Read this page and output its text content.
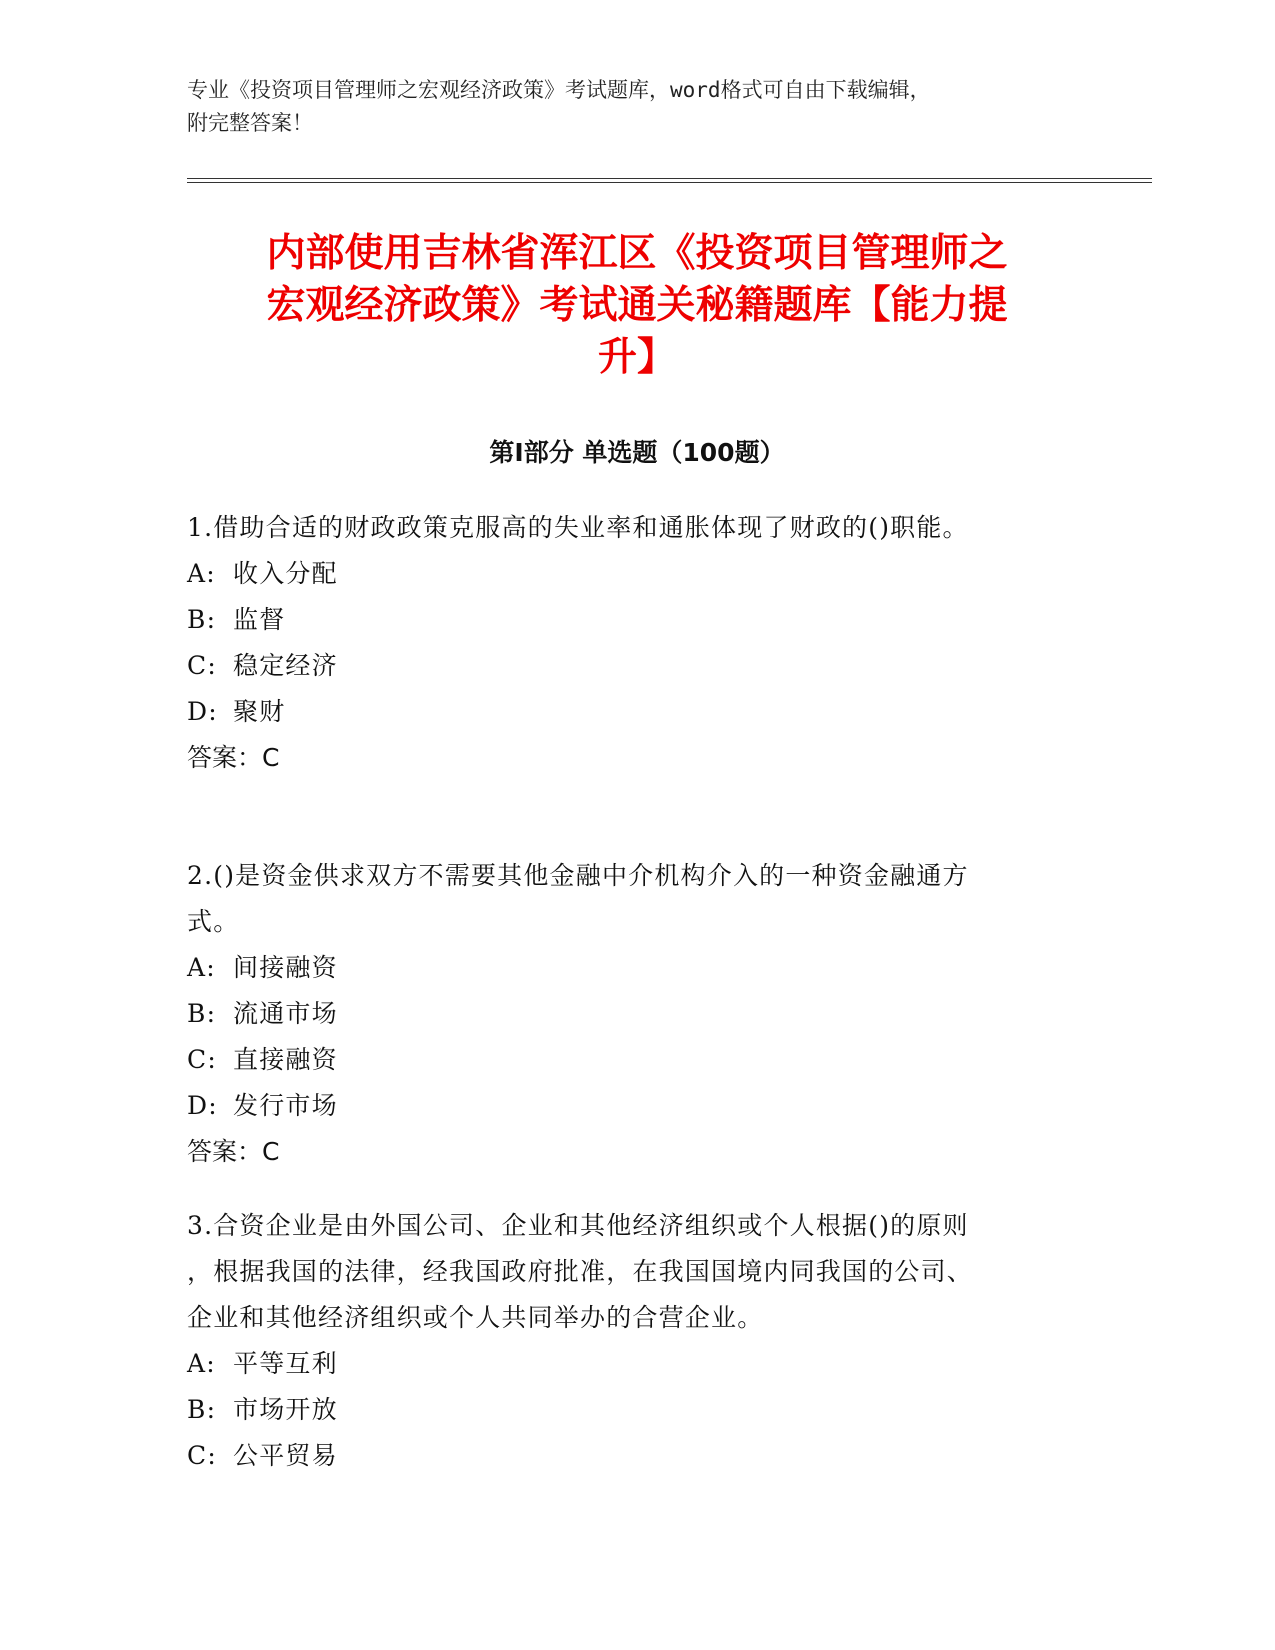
专业《投资项目管理师之宏观经济政策》考试题库，word格式可自由下载编辑，
附完整答案！
内部使用吉林省浑江区《投资项目管理师之
宏观经济政策》考试通关秘籍题库【能力提
升】
第Ⅰ部分 单选题（100题）

1.借助合适的财政政策克服高的失业率和通胀体现了财政的()职能。

A: 收入分配

B: 监督

C: 稳定经济

D: 聚财

答案：C

2.()是资金供求双方不需要其他金融中介机构介入的一种资金融通方

式。

A: 间接融资

B: 流通市场

C: 直接融资

D: 发行市场

答案：C

3.合资企业是由外国公司、企业和其他经济组织或个人根据()的原则

，根据我国的法律，经我国政府批准，在我国国境内同我国的公司、

企业和其他经济组织或个人共同举办的合营企业。

A: 平等互利

B: 市场开放

C: 公平贸易
